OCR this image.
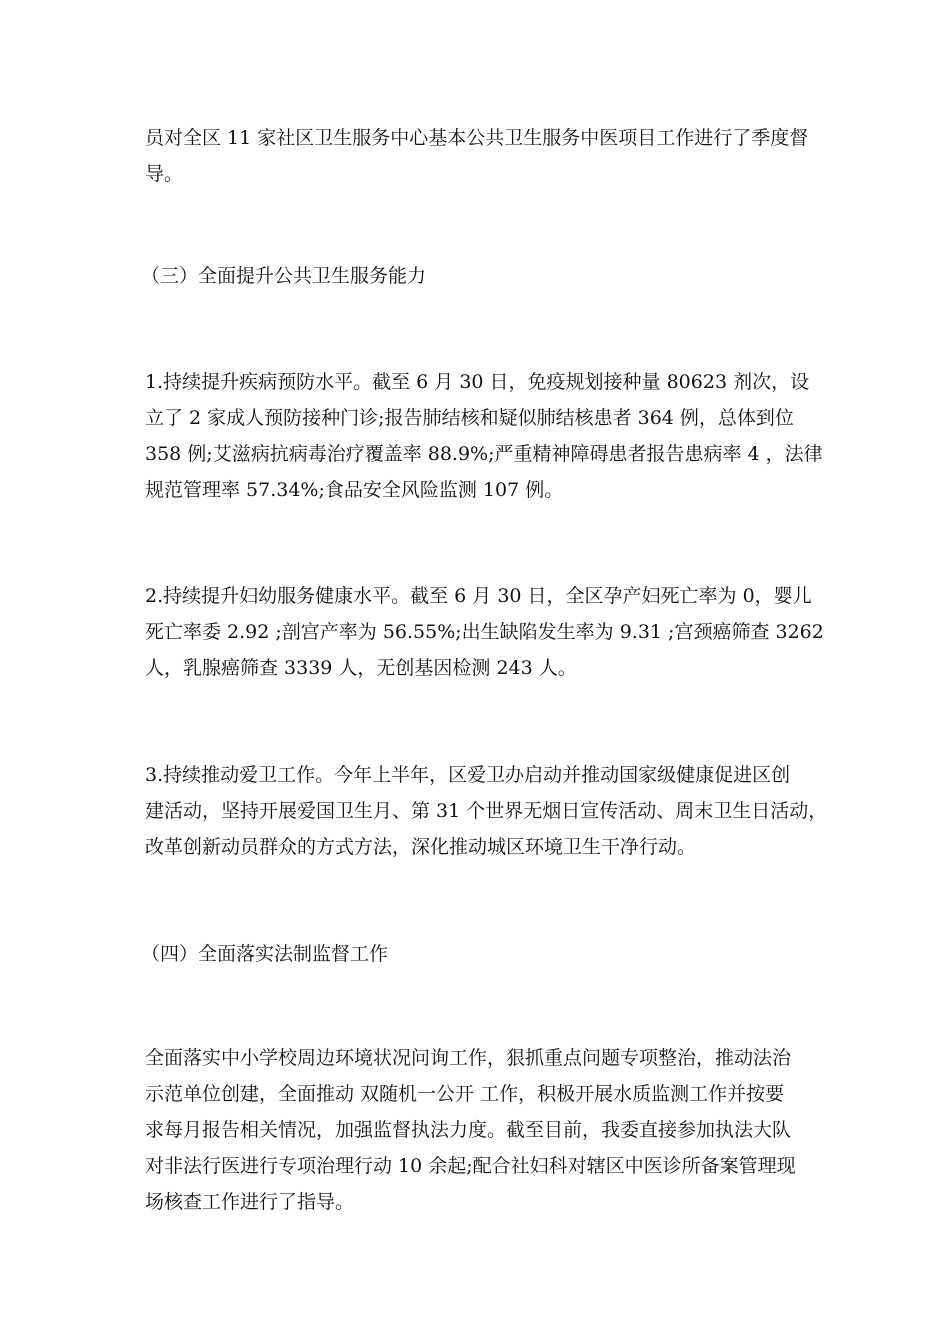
员对全区 11 家社区卫生服务中心基本公共卫生服务中医项目工作进行了季度督
导。

（三）全面提升公共卫生服务能力

1.持续提升疾病预防水平。截至 6 月 30 日，免疫规划接种量 80623 剂次，设
立了 2 家成人预防接种门诊;报告肺结核和疑似肺结核患者 364 例，总体到位
358 例;艾滋病抗病毒治疗覆盖率 88.9%;严重精神障碍患者报告患病率 4 ，法律
规范管理率 57.34%;食品安全风险监测 107 例。

2.持续提升妇幼服务健康水平。截至 6 月 30 日，全区孕产妇死亡率为 0，婴儿
死亡率委 2.92 ;剖宫产率为 56.55%;出生缺陷发生率为 9.31 ;宫颈癌筛查 3262
人，乳腺癌筛查 3339 人，无创基因检测 243 人。

3.持续推动爱卫工作。今年上半年，区爱卫办启动并推动国家级健康促进区创
建活动，坚持开展爱国卫生月、第 31 个世界无烟日宣传活动、周末卫生日活动，
改革创新动员群众的方式方法，深化推动城区环境卫生干净行动。

（四）全面落实法制监督工作

全面落实中小学校周边环境状况问询工作，狠抓重点问题专项整治，推动法治
示范单位创建，全面推动 双随机一公开 工作，积极开展水质监测工作并按要
求每月报告相关情况，加强监督执法力度。截至目前，我委直接参加执法大队
对非法行医进行专项治理行动 10 余起;配合社妇科对辖区中医诊所备案管理现
场核查工作进行了指导。
